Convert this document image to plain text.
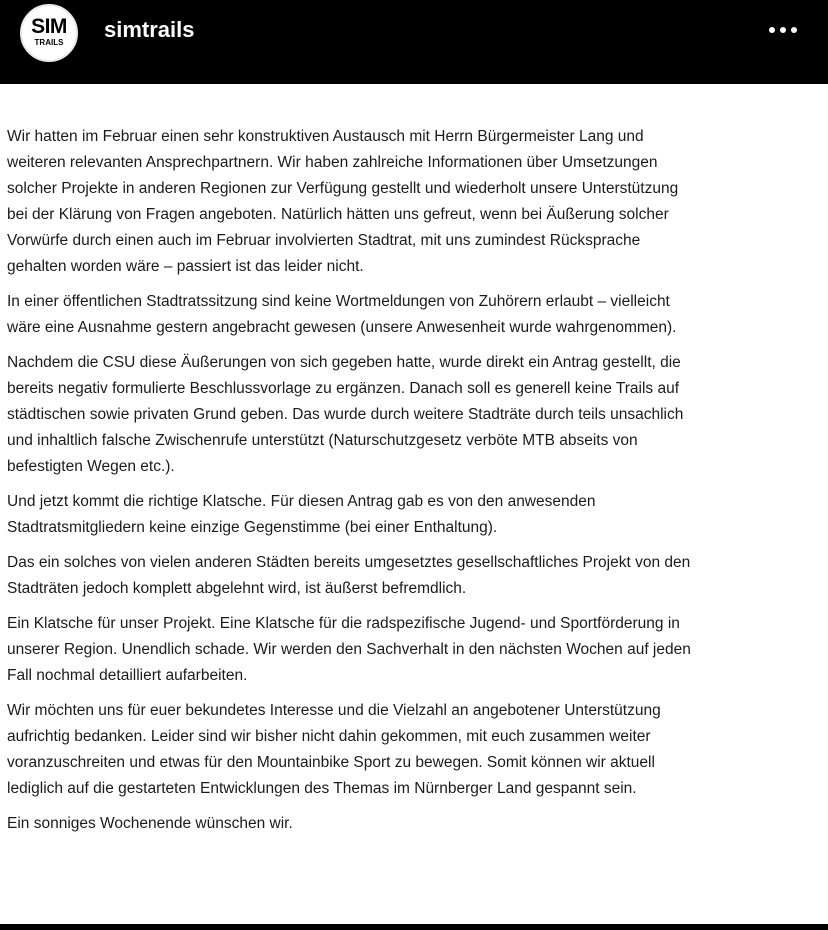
SIM
TRAILS
simtrails

Wir hatten im Februar einen sehr konstruktiven Austausch mit Herrn Bürgermeister Lang und
weiteren relevanten Ansprechpartnern. Wir haben zahlreiche Informationen über Umsetzungen
solcher Projekte in anderen Regionen zur Verfügung gestellt und wiederholt unsere Unterstützung
bei der Klärung von Fragen angeboten. Natürlich hätten uns gefreut, wenn bei Äußerung solcher
Vorwürfe durch einen auch im Februar involvierten Stadtrat, mit uns zumindest Rücksprache
gehalten worden wäre – passiert ist das leider nicht.

In einer öffentlichen Stadtratssitzung sind keine Wortmeldungen von Zuhörern erlaubt – vielleicht
wäre eine Ausnahme gestern angebracht gewesen (unsere Anwesenheit wurde wahrgenommen).

Nachdem die CSU diese Äußerungen von sich gegeben hatte, wurde direkt ein Antrag gestellt, die
bereits negativ formulierte Beschlussvorlage zu ergänzen. Danach soll es generell keine Trails auf
städtischen sowie privaten Grund geben. Das wurde durch weitere Stadträte durch teils unsachlich
und inhaltlich falsche Zwischenrufe unterstützt (Naturschutzgesetz verböte MTB abseits von
befestigten Wegen etc.).

Und jetzt kommt die richtige Klatsche. Für diesen Antrag gab es von den anwesenden
Stadtratsmitgliedern keine einzige Gegenstimme (bei einer Enthaltung).

Das ein solches von vielen anderen Städten bereits umgesetztes gesellschaftliches Projekt von den
Stadträten jedoch komplett abgelehnt wird, ist äußerst befremdlich.

Ein Klatsche für unser Projekt. Eine Klatsche für die radspezifische Jugend- und Sportförderung in
unserer Region. Unendlich schade. Wir werden den Sachverhalt in den nächsten Wochen auf jeden
Fall nochmal detailliert aufarbeiten.

Wir möchten uns für euer bekundetes Interesse und die Vielzahl an angebotener Unterstützung
aufrichtig bedanken. Leider sind wir bisher nicht dahin gekommen, mit euch zusammen weiter
voranzuschreiten und etwas für den Mountainbike Sport zu bewegen. Somit können wir aktuell
lediglich auf die gestarteten Entwicklungen des Themas im Nürnberger Land gespannt sein.

Ein sonniges Wochenende wünschen wir.
